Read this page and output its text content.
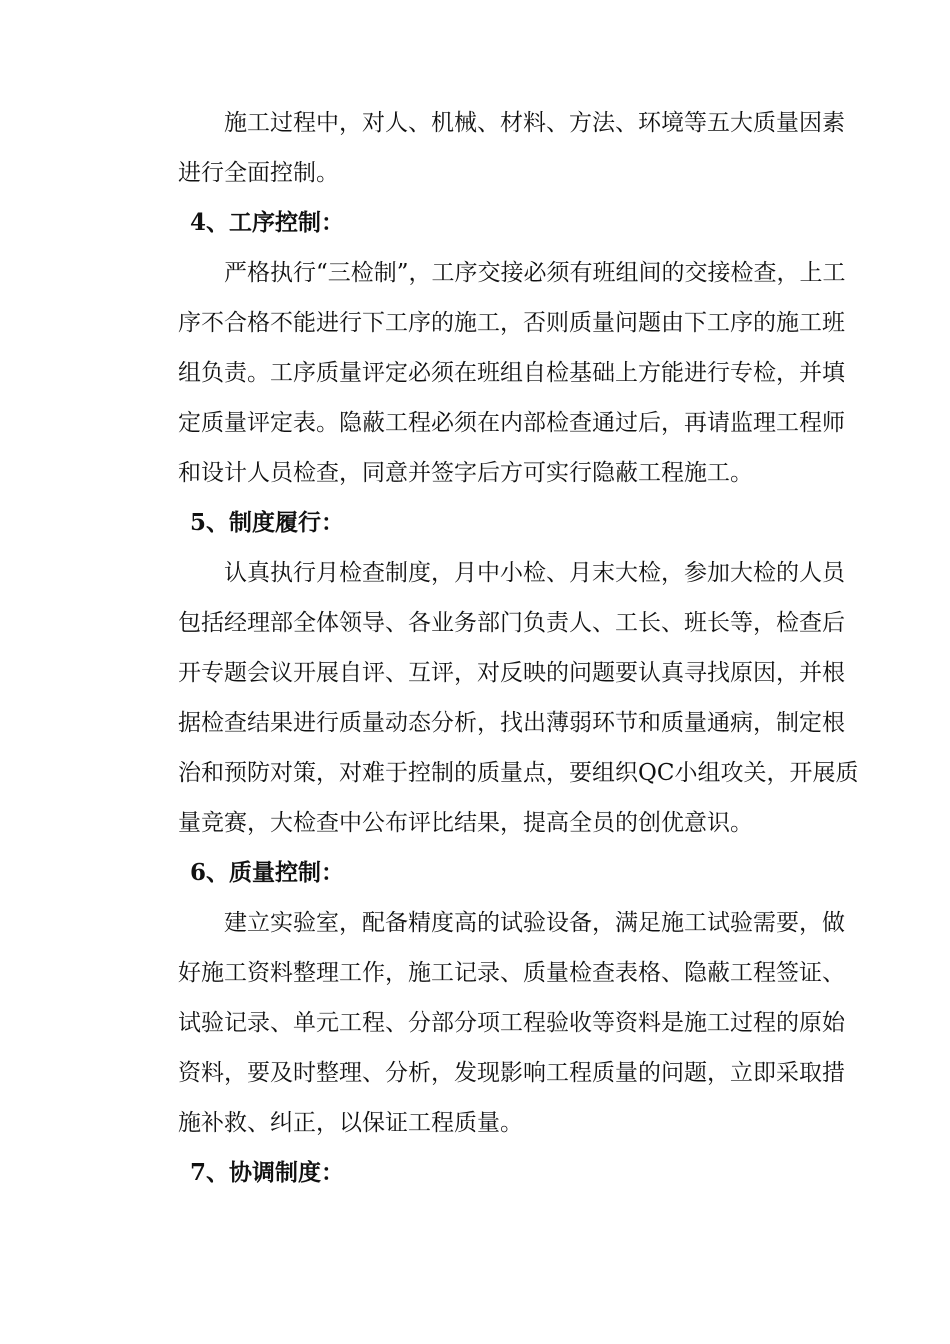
施工过程中，对人、机械、材料、方法、环境等五大质量因素
进行全面控制。
4、工序控制：
严格执行“三检制”，工序交接必须有班组间的交接检查，上工
序不合格不能进行下工序的施工，否则质量问题由下工序的施工班
组负责。工序质量评定必须在班组自检基础上方能进行专检，并填
定质量评定表。隐蔽工程必须在内部检查通过后，再请监理工程师
和设计人员检查，同意并签字后方可实行隐蔽工程施工。
5、制度履行：
认真执行月检查制度，月中小检、月末大检，参加大检的人员
包括经理部全体领导、各业务部门负责人、工长、班长等，检查后
开专题会议开展自评、互评，对反映的问题要认真寻找原因，并根
据检查结果进行质量动态分析，找出薄弱环节和质量通病，制定根
治和预防对策，对难于控制的质量点，要组织QC小组攻关，开展质
量竞赛，大检查中公布评比结果，提高全员的创优意识。
6、质量控制：
建立实验室，配备精度高的试验设备，满足施工试验需要，做
好施工资料整理工作，施工记录、质量检查表格、隐蔽工程签证、
试验记录、单元工程、分部分项工程验收等资料是施工过程的原始
资料，要及时整理、分析，发现影响工程质量的问题，立即采取措
施补救、纠正，以保证工程质量。
7、协调制度：
